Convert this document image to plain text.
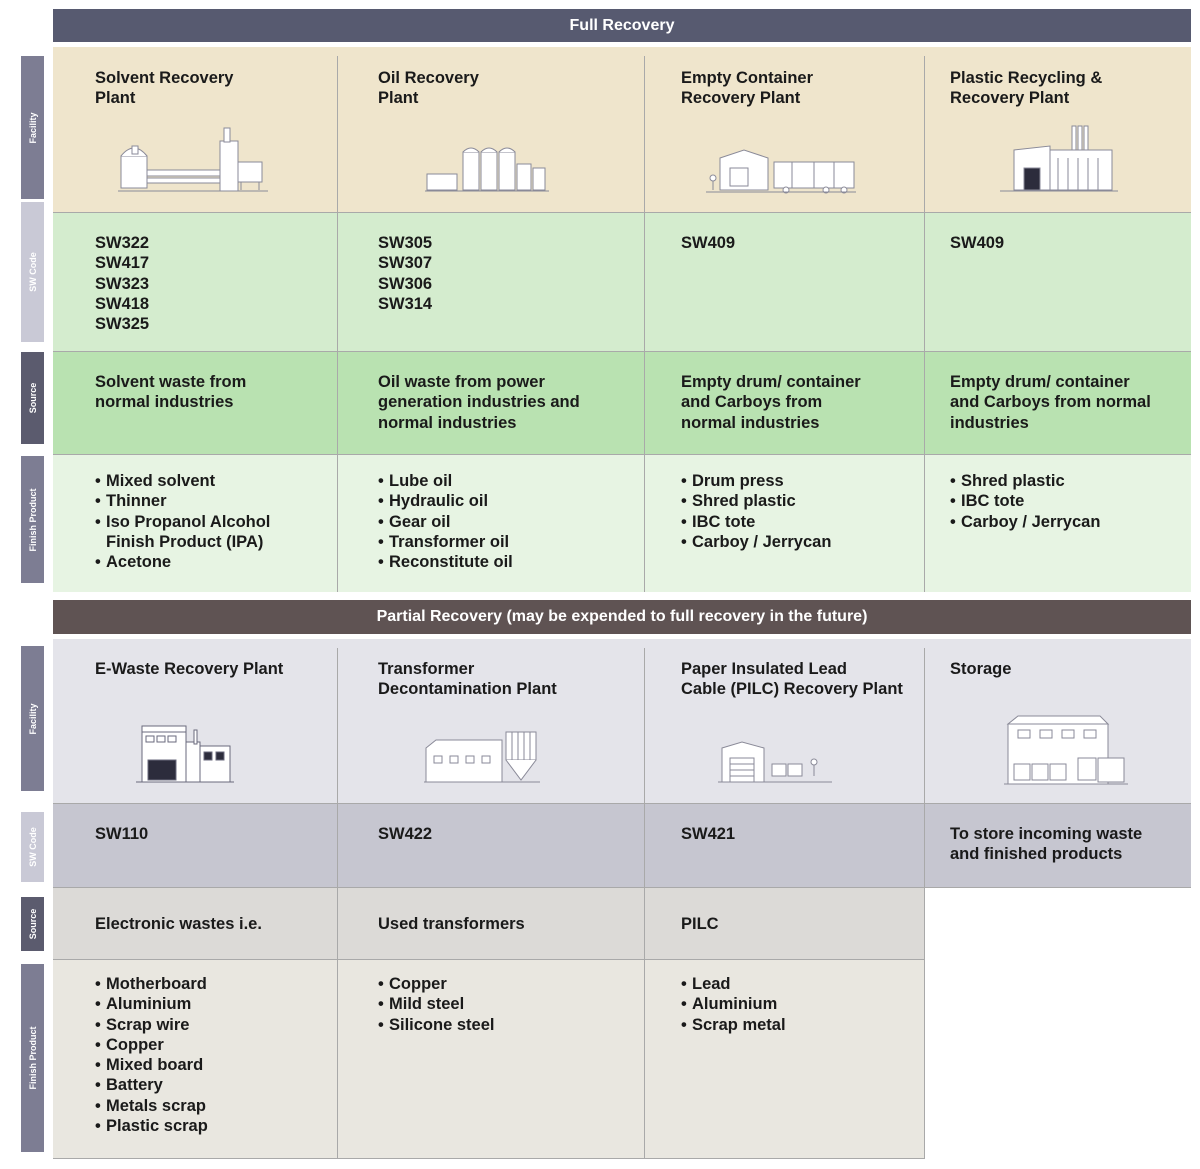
Full Recovery
Facility
SW Code
Source
Finish Product
Solvent Recovery
Plant
SW322
SW417
SW323
SW418
SW325
Solvent waste from
normal industries
• Mixed solvent
• Thinner
• Iso Propanol Alcohol
Finish Product (IPA)
• Acetone
Oil Recovery
Plant
SW305
SW307
SW306
SW314
Oil waste from power
generation industries and
normal industries
• Lube oil
• Hydraulic oil
• Gear oil
• Transformer oil
• Reconstitute oil
Empty Container
Recovery Plant
SW409
Empty drum/ container
and Carboys from
normal industries
• Drum press
• Shred plastic
• IBC tote
• Carboy / Jerrycan
Plastic Recycling &
Recovery Plant
SW409
Empty drum/ container
and Carboys from normal
industries
• Shred plastic
• IBC tote
• Carboy / Jerrycan
Partial Recovery (may be expended to full recovery in the future)
Facility
SW Code
Source
Finish Product
E-Waste Recovery Plant
SW110
Electronic wastes i.e.
• Motherboard
• Aluminium
• Scrap wire
• Copper
• Mixed board
• Battery
• Metals scrap
• Plastic scrap
Transformer
Decontamination Plant
SW422
Used transformers
• Copper
• Mild steel
• Silicone steel
Paper Insulated Lead
Cable (PILC) Recovery Plant
SW421
PILC
• Lead
• Aluminium
• Scrap metal
Storage
To store incoming waste
and finished products
